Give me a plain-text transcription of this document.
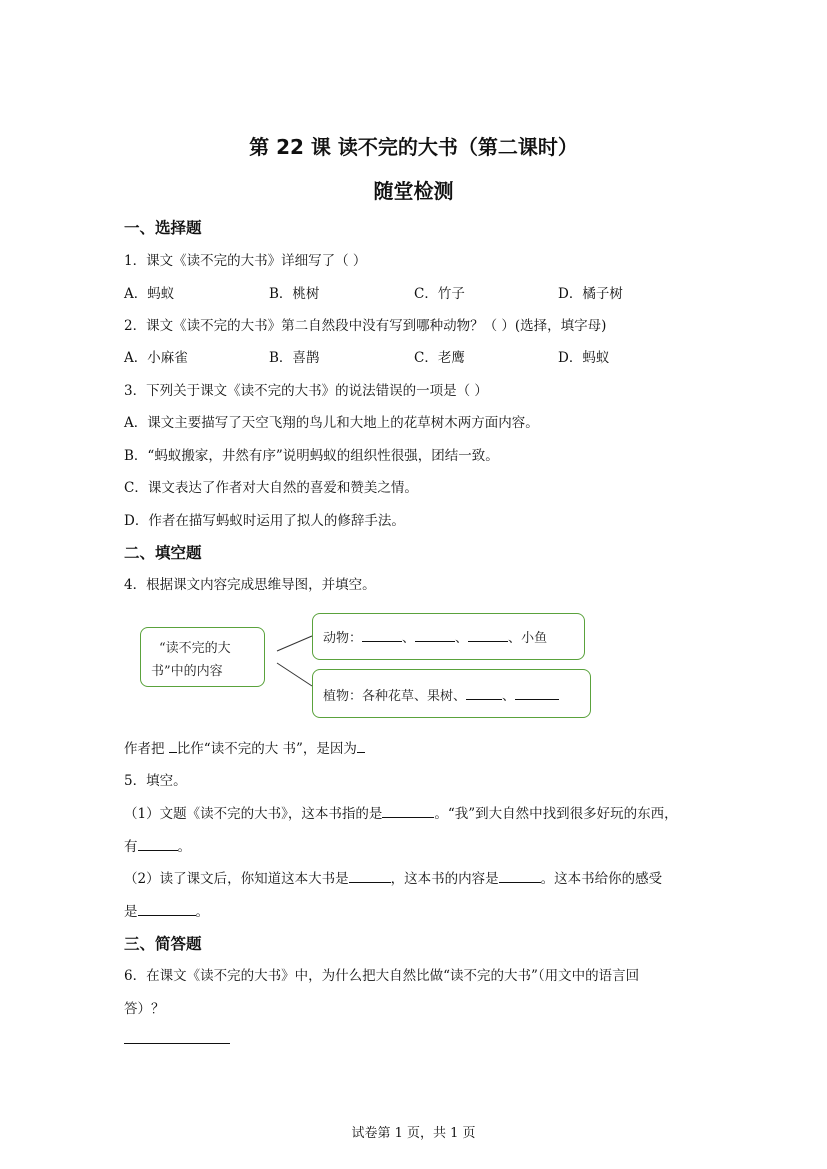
第 22 课 读不完的大书（第二课时）
随堂检测
一、选择题
1．课文《读不完的大书》详细写了（ ）
A．蚂蚁	B．桃树	C．竹子	D．橘子树
2．课文《读不完的大书》第二自然段中没有写到哪种动物？（ ）(选择，填字母)
A．小麻雀	B．喜鹊	C．老鹰	D．蚂蚁
3．下列关于课文《读不完的大书》的说法错误的一项是（ ）
A．课文主要描写了天空飞翔的鸟儿和大地上的花草树木两方面内容。
B．“蚂蚁搬家，井然有序”说明蚂蚁的组织性很强，团结一致。
C．课文表达了作者对大自然的喜爱和赞美之情。
D．作者在描写蚂蚁时运用了拟人的修辞手法。
二、填空题
4．根据课文内容完成思维导图，并填空。
“读不完的大
书”中的内容
动物：	、	、	、小鱼
植物：各种花草、果树、	、
作者把 比作“读不完的大 书”，是因为
5．填空。
（1）文题《读不完的大书》，这本书指的是	。“我”到大自然中找到很多好玩的东西，
有	。
（2）读了课文后，你知道这本大书是	，这本书的内容是	。这本书给你的感受
是	。
三、简答题
6．在课文《读不完的大书》中，为什么把大自然比做“读不完的大书”（用文中的语言回
答）？
试卷第 1 页，共 1 页
